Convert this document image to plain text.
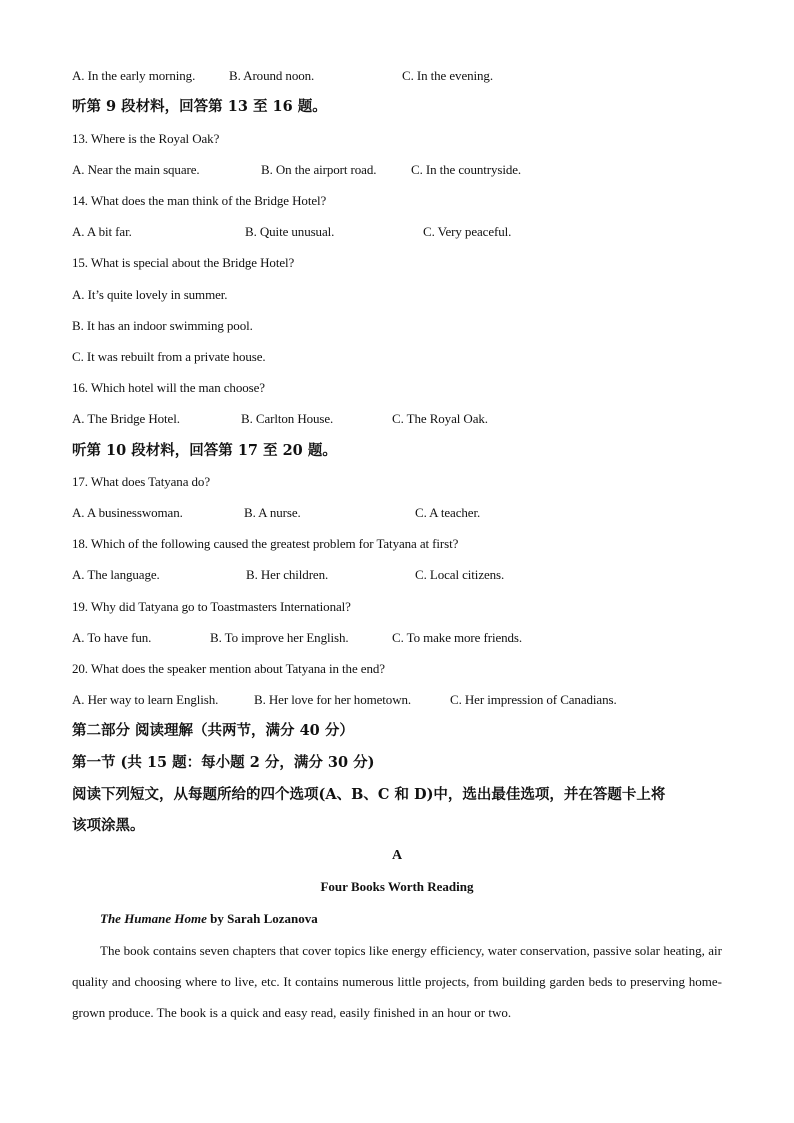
A. In the early morning.	B. Around noon.	C. In the evening.
听第 9 段材料，回答第 13 至 16 题。
13. Where is the Royal Oak?
A. Near the main square.	B. On the airport road.	C. In the countryside.
14. What does the man think of the Bridge Hotel?
A. A bit far.	B. Quite unusual.	C. Very peaceful.
15. What is special about the Bridge Hotel?
A. It’s quite lovely in summer.
B. It has an indoor swimming pool.
C. It was rebuilt from a private house.
16. Which hotel will the man choose?
A. The Bridge Hotel.	B. Carlton House.	C. The Royal Oak.
听第 10 段材料，回答第 17 至 20 题。
17. What does Tatyana do?
A. A businesswoman.	B. A nurse.	C. A teacher.
18. Which of the following caused the greatest problem for Tatyana at first?
A. The language.	B. Her children.	C. Local citizens.
19. Why did Tatyana go to Toastmasters International?
A. To have fun.	B. To improve her English.	C. To make more friends.
20. What does the speaker mention about Tatyana in the end?
A. Her way to learn English.	B. Her love for her hometown.	C. Her impression of Canadians.
第二部分 阅读理解（共两节，满分 40 分）
第一节 (共 15 题：每小题 2 分，满分 30 分)
阅读下列短文，从每题所给的四个选项(A、B、C 和 D)中，选出最佳选项，并在答题卡上将
该项涂黑。
A
Four Books Worth Reading
The Humane Home by Sarah Lozanova
The book contains seven chapters that cover topics like energy efficiency, water conservation, passive solar heating, air quality and choosing where to live, etc. It contains numerous little projects, from building garden beds to preserving home-grown produce. The book is a quick and easy read, easily finished in an hour or two.
